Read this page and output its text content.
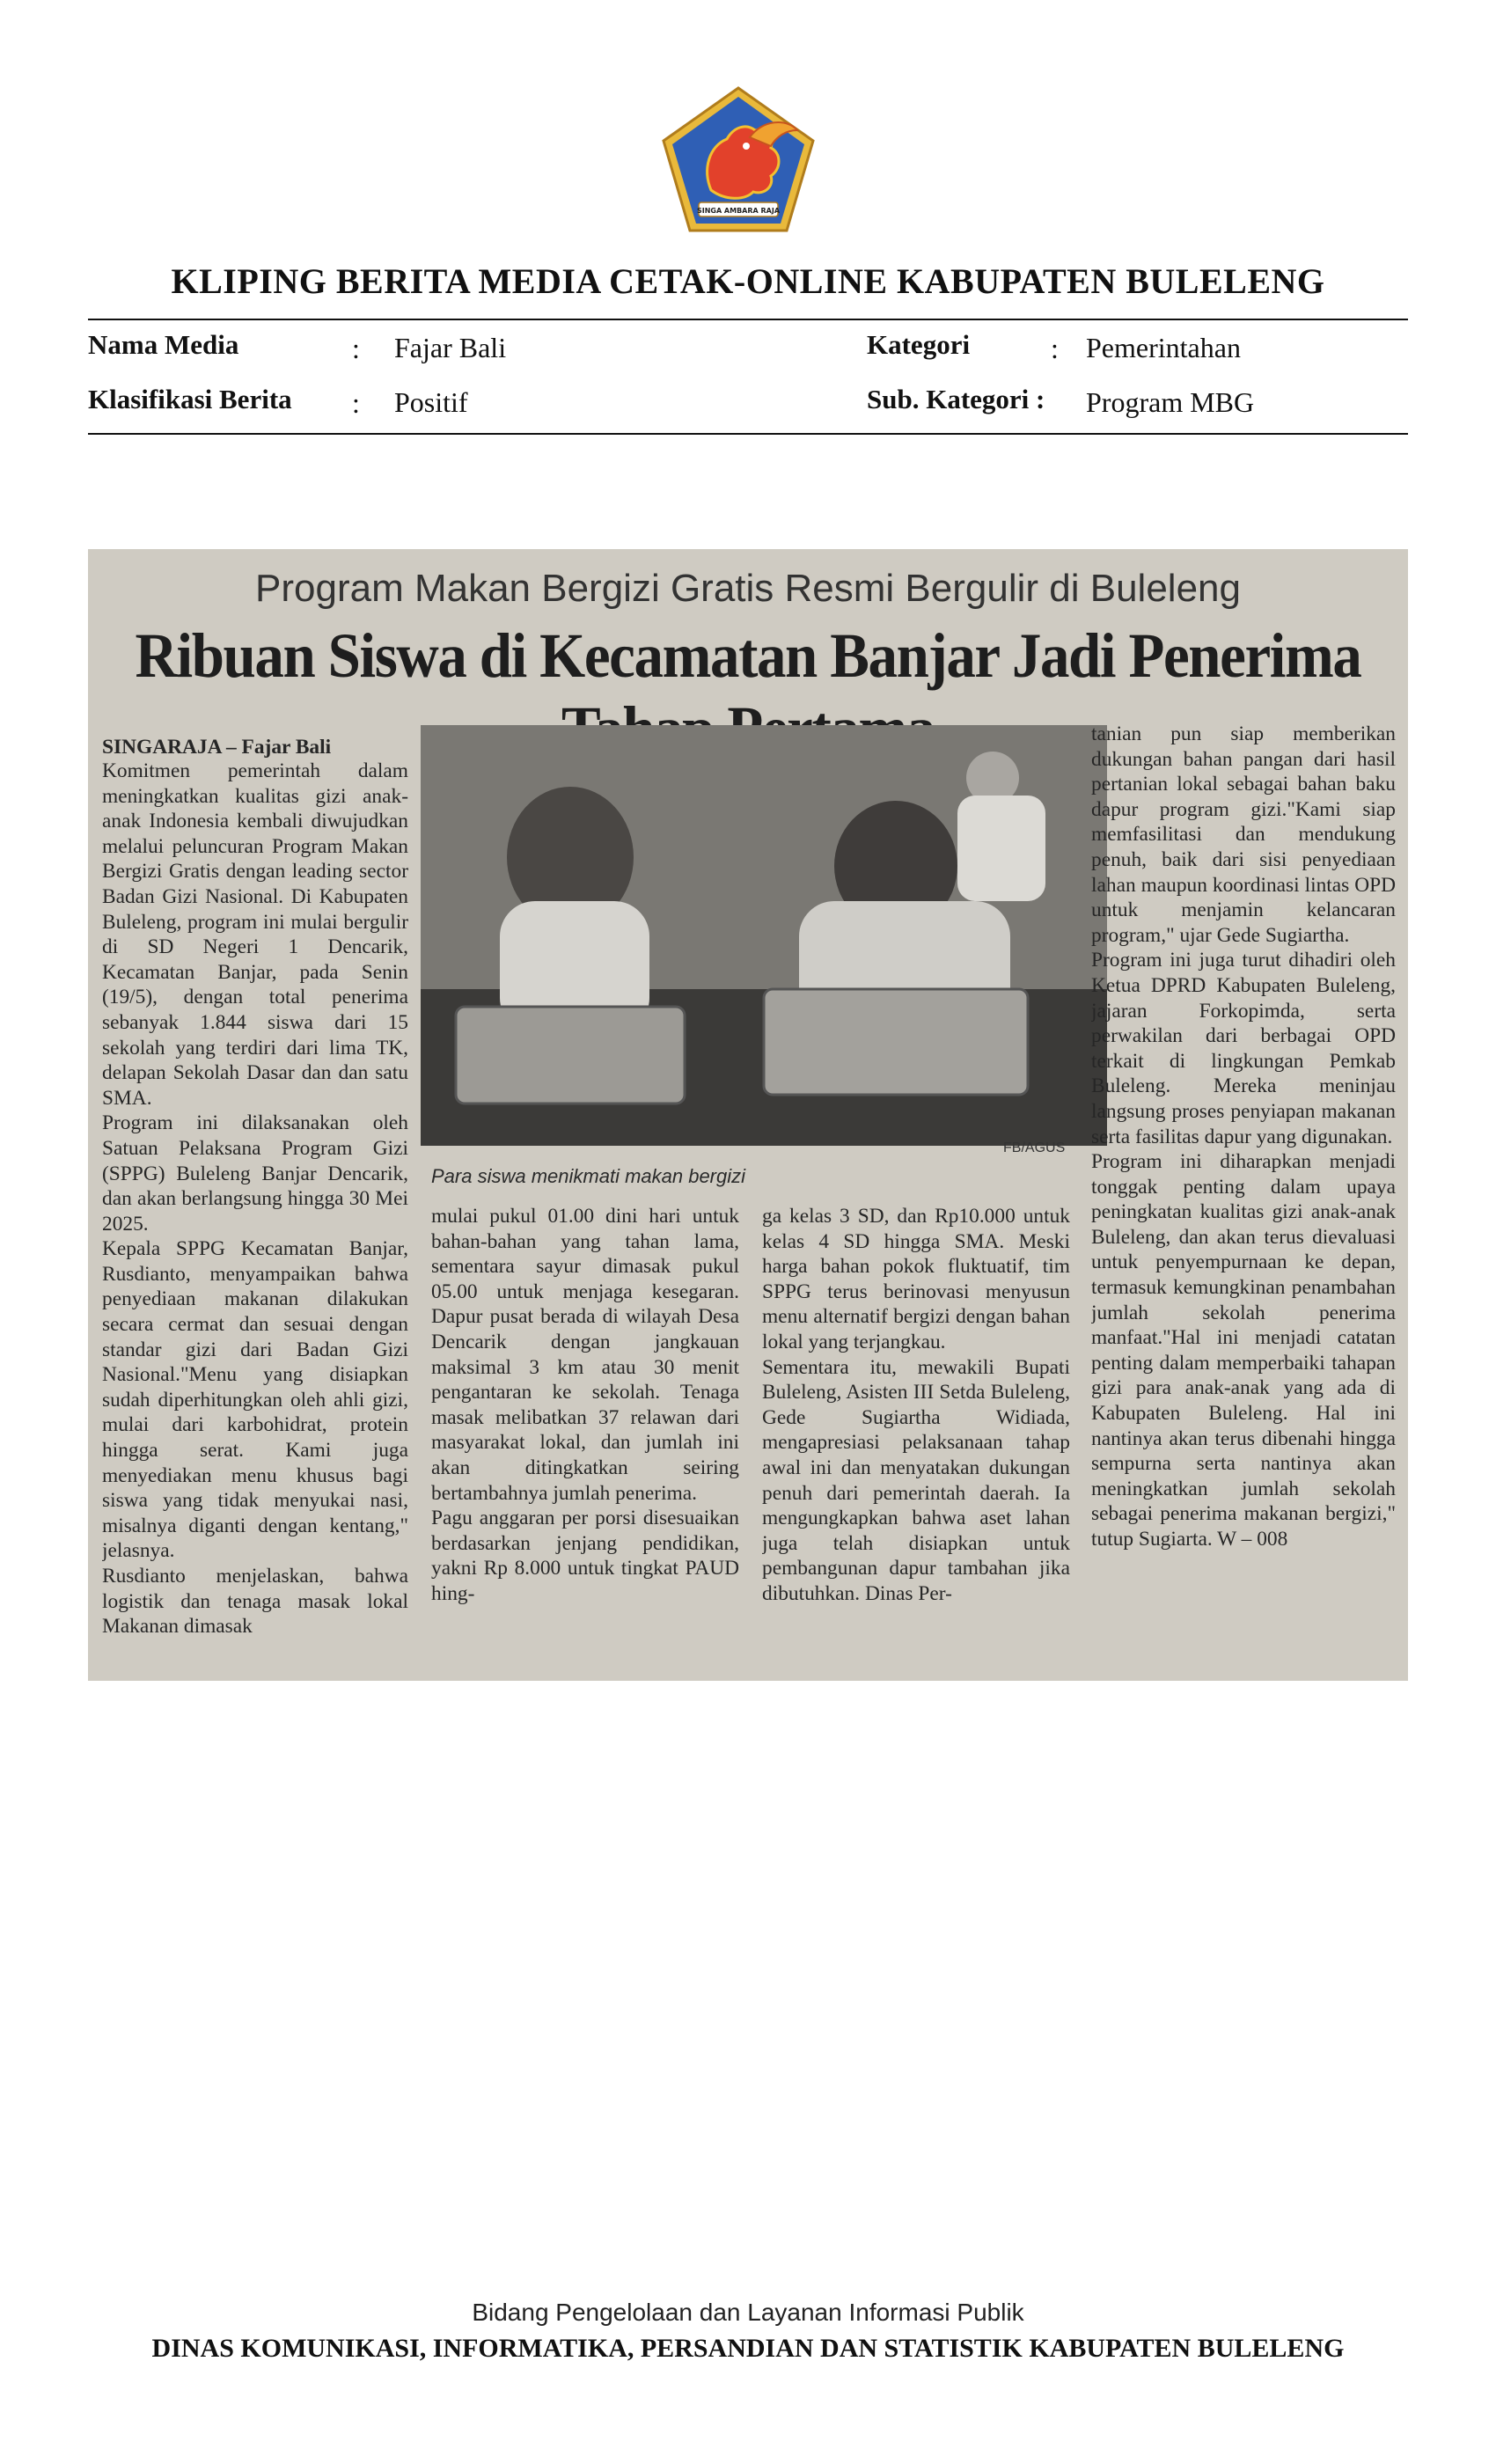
SINGA AMBARA RAJA
KLIPING BERITA MEDIA CETAK-ONLINE KABUPATEN BULELENG
Nama Media	: Fajar Bali	Kategori	: Pemerintahan
Klasifikasi Berita : Positif	Sub. Kategori : Program MBG
Program Makan Bergizi Gratis Resmi Bergulir di Buleleng
Ribuan Siswa di Kecamatan Banjar Jadi Penerima
SINGARAJA – Fajar Bali
Komitmen pemerintah dalam meningkatkan kualitas gizi anak-anak Indonesia kembali diwujudkan melalui peluncuran Program Makan Bergizi Gratis dengan leading sector Badan Gizi Nasional. Di Kabupaten Buleleng, program ini mulai bergulir di SD Negeri 1 Dencarik, Kecamatan Banjar, pada Senin (19/5), dengan total penerima sebanyak 1.844 siswa dari 15 sekolah yang terdiri dari lima TK, delapan Sekolah Dasar dan dan satu SMA.
Program ini dilaksanakan oleh Satuan Pelaksana Program Gizi (SPPG) Buleleng Banjar Dencarik, dan akan berlangsung hingga 30 Mei 2025.
Kepala SPPG Kecamatan Banjar, Rusdianto, menyampaikan bahwa penyediaan makanan dilakukan secara cermat dan sesuai dengan standar gizi dari Badan Gizi Nasional."Menu yang disiapkan sudah diperhitungkan oleh ahli gizi, mulai dari karbohidrat, protein hingga serat. Kami juga menyediakan menu khusus bagi siswa yang tidak menyukai nasi, misalnya diganti dengan kentang," jelasnya.
Rusdianto menjelaskan, bahwa logistik dan tenaga masak lokal Makanan dimasak
FB/AGUS
Para siswa menikmati makan bergizi
mulai pukul 01.00 dini hari untuk bahan-bahan yang tahan lama, sementara sayur dimasak pukul 05.00 untuk menjaga kesegaran. Dapur pusat berada di wilayah Desa Dencarik dengan jangkauan maksimal 3 km atau 30 menit pengantaran ke sekolah. Tenaga masak melibatkan 37 relawan dari masyarakat lokal, dan jumlah ini akan ditingkatkan seiring bertambahnya jumlah penerima.
Pagu anggaran per porsi disesuaikan berdasarkan jenjang pendidikan, yakni Rp 8.000 untuk tingkat PAUD hing-
ga kelas 3 SD, dan Rp10.000 untuk kelas 4 SD hingga SMA. Meski harga bahan pokok fluktuatif, tim SPPG terus berinovasi menyusun menu alternatif bergizi dengan bahan lokal yang terjangkau.
Sementara itu, mewakili Bupati Buleleng, Asisten III Setda Buleleng, Gede Sugiartha Widiada, mengapresiasi pelaksanaan tahap awal ini dan menyatakan dukungan penuh dari pemerintah daerah. Ia mengungkapkan bahwa aset lahan juga telah disiapkan untuk pembangunan dapur tambahan jika dibutuhkan. Dinas Per-
tanian pun siap memberikan dukungan bahan pangan dari hasil pertanian lokal sebagai bahan baku dapur program gizi."Kami siap memfasilitasi dan mendukung penuh, baik dari sisi penyediaan lahan maupun koordinasi lintas OPD untuk menjamin kelancaran program," ujar Gede Sugiartha.
Program ini juga turut dihadiri oleh Ketua DPRD Kabupaten Buleleng, jajaran Forkopimda, serta perwakilan dari berbagai OPD terkait di lingkungan Pemkab Buleleng. Mereka meninjau langsung proses penyiapan makanan serta fasilitas dapur yang digunakan.
Program ini diharapkan menjadi tonggak penting dalam upaya peningkatan kualitas gizi anak-anak Buleleng, dan akan terus dievaluasi untuk penyempurnaan ke depan, termasuk kemungkinan penambahan jumlah sekolah penerima manfaat."Hal ini menjadi catatan penting dalam memperbaiki tahapan gizi para anak-anak yang ada di Kabupaten Buleleng. Hal ini nantinya akan terus dibenahi hingga sempurna serta nantinya akan meningkatkan jumlah sekolah sebagai penerima makanan bergizi," tutup Sugiarta. W – 008
Bidang Pengelolaan dan Layanan Informasi Publik
DINAS KOMUNIKASI, INFORMATIKA, PERSANDIAN DAN STATISTIK KABUPATEN BULELENG
